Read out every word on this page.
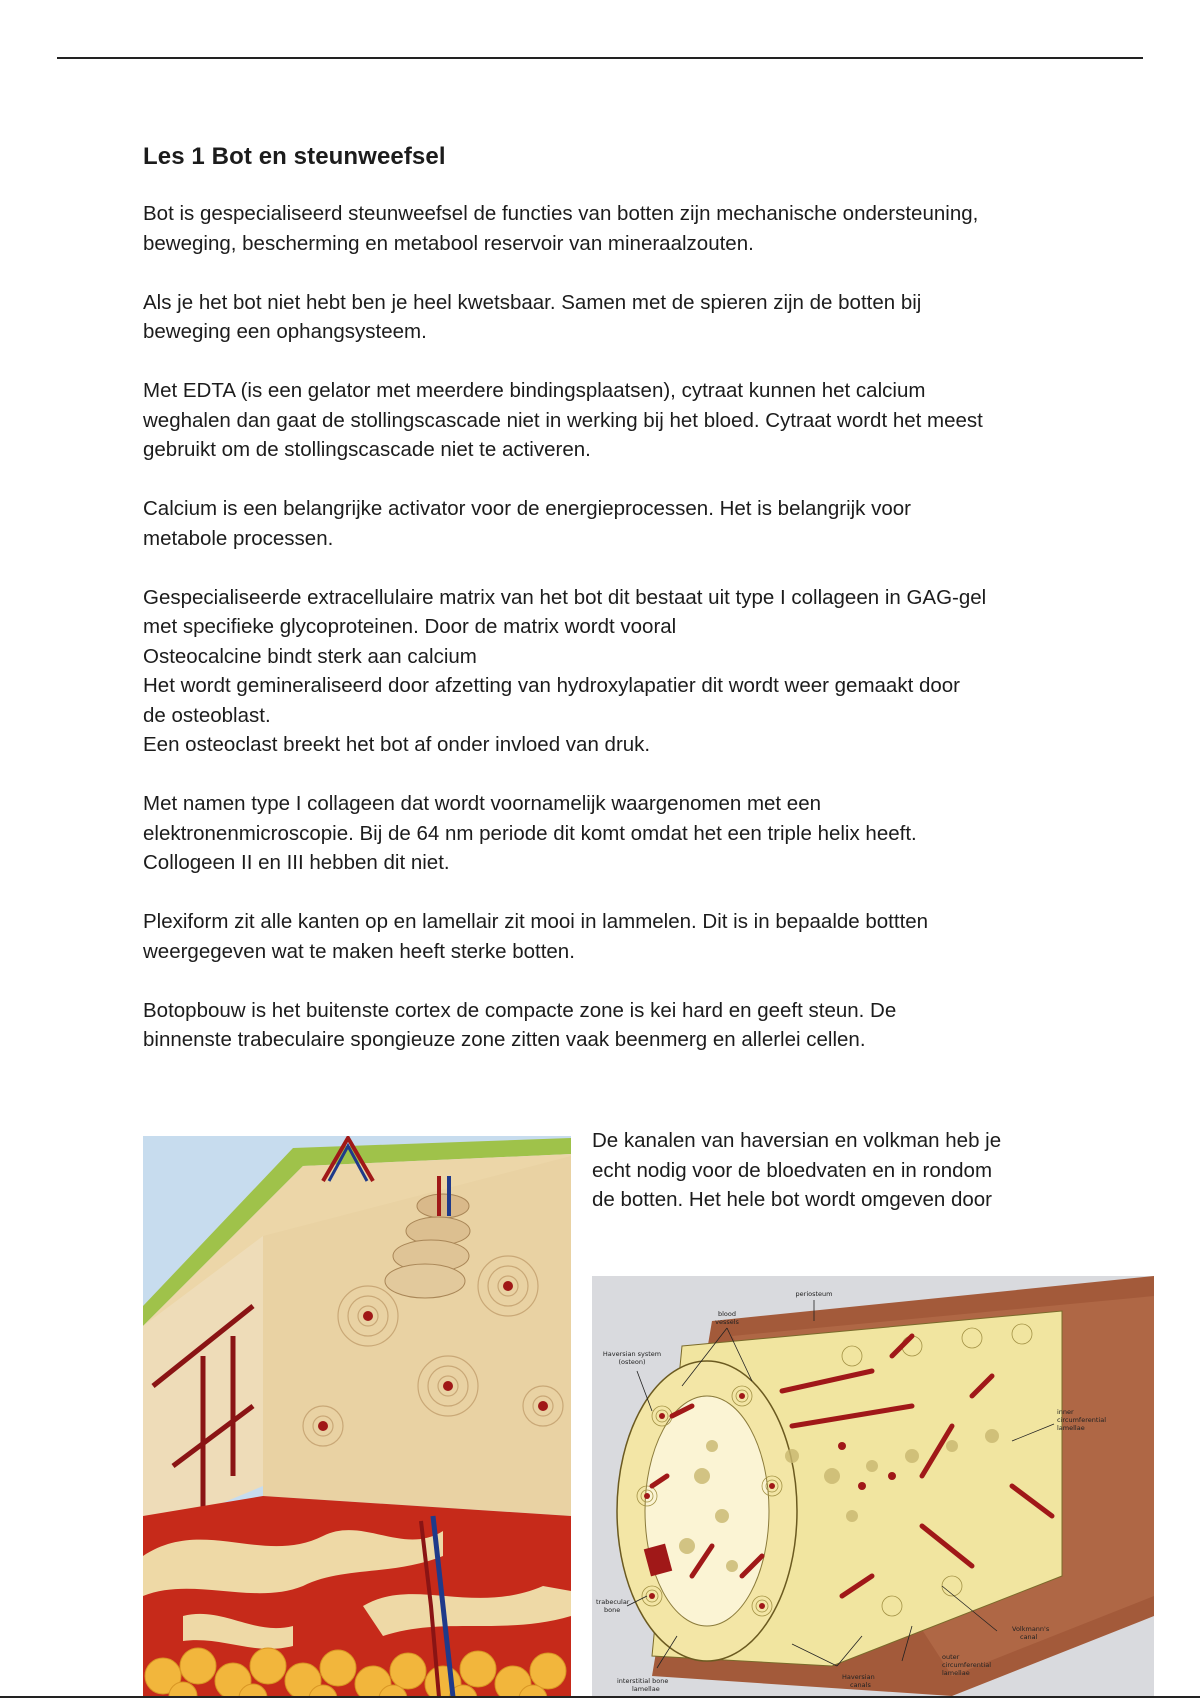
Les 1 Bot en steunweefsel

Bot is gespecialiseerd steunweefsel de functies van botten zijn mechanische ondersteuning,
beweging, bescherming en metabool reservoir van mineraalzouten.

Als je het bot niet hebt ben je heel kwetsbaar. Samen met de spieren zijn de botten bij
beweging een ophangsysteem.

Met EDTA (is een gelator met meerdere bindingsplaatsen), cytraat kunnen het calcium
weghalen dan gaat de stollingscascade niet in werking bij het bloed. Cytraat wordt het meest
gebruikt om de stollingscascade niet te activeren.

Calcium is een belangrijke activator voor de energieprocessen. Het is belangrijk voor
metabole processen.

Gespecialiseerde extracellulaire matrix van het bot dit bestaat uit type I collageen in GAG-gel
met specifieke glycoproteinen. Door de matrix wordt vooral
Osteocalcine bindt sterk aan calcium
Het wordt gemineraliseerd door afzetting van hydroxylapatier dit wordt weer gemaakt door
de osteoblast.
Een osteoclast breekt het bot af onder invloed van druk.

Met namen type I collageen dat wordt voornamelijk waargenomen met een
elektronenmicroscopie. Bij de 64 nm periode dit komt omdat het een triple helix heeft.
Collogeen II en III hebben dit niet.

Plexiform zit alle kanten op en lamellair zit mooi in lammelen. Dit is in bepaalde bottten
weergegeven wat te maken heeft sterke botten.

Botopbouw is het buitenste cortex de compacte zone is kei hard en geeft steun. De
binnenste trabeculaire spongieuze zone zitten vaak beenmerg en allerlei cellen.

De kanalen van haversian en volkman heb je
echt nodig voor de bloedvaten en in rondom
de botten. Het hele bot wordt omgeven door
periosteum
blood
vessels
Haversian system
(osteon)
inner
circumferential
lamellae
trabecular
bone
interstitial bone
lamellae
Haversian
canals
outer
circumferential
lamellae
Volkmann's
canal
